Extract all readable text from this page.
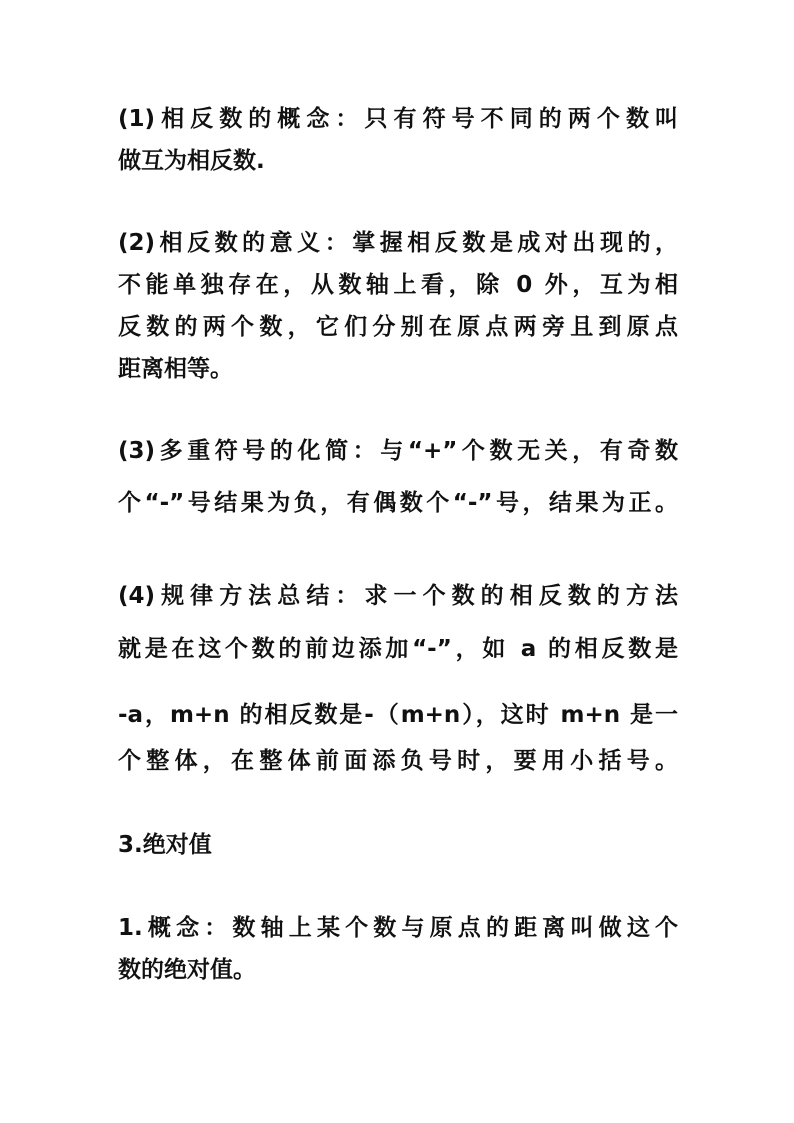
(1)相反数的概念：只有符号不同的两个数叫
做互为相反数.
(2)相反数的意义：掌握相反数是成对出现的，
不能单独存在，从数轴上看，除 0 外，互为相
反数的两个数，它们分别在原点两旁且到原点
距离相等。
(3)多重符号的化简：与“+”个数无关，有奇数
个“-”号结果为负，有偶数个“-”号，结果为正。
(4)规律方法总结：求一个数的相反数的方法
就是在这个数的前边添加“-”，如 a 的相反数是
-a，m+n 的相反数是-（m+n），这时 m+n 是一
个整体，在整体前面添负号时，要用小括号。
3.绝对值
1.概念：数轴上某个数与原点的距离叫做这个
数的绝对值。
